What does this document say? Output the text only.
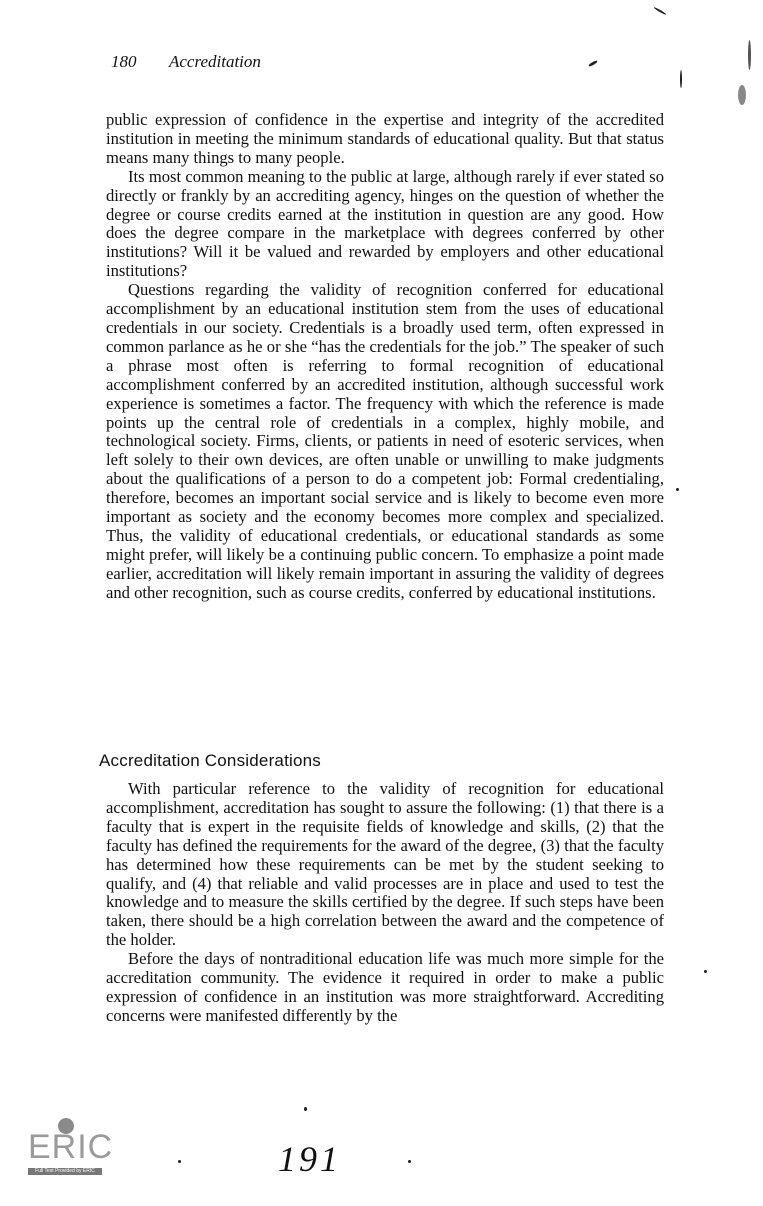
180 Accreditation

public expression of confidence in the expertise and integrity of the accredited institution in meeting the minimum standards of educational quality. But that status means many things to many people.

Its most common meaning to the public at large, although rarely if ever stated so directly or frankly by an accrediting agency, hinges on the question of whether the degree or course credits earned at the institution in question are any good. How does the degree compare in the marketplace with degrees conferred by other institutions? Will it be valued and rewarded by employers and other educational institutions?

Questions regarding the validity of recognition conferred for educational accomplishment by an educational institution stem from the uses of educational credentials in our society. Credentials is a broadly used term, often expressed in common parlance as he or she “has the credentials for the job.” The speaker of such a phrase most often is referring to formal recognition of educational accomplishment conferred by an accredited institution, although successful work experience is sometimes a factor. The frequency with which the reference is made points up the central role of credentials in a complex, highly mobile, and technological society. Firms, clients, or patients in need of esoteric services, when left solely to their own devices, are often unable or unwilling to make judgments about the qualifications of a person to do a competent job: Formal credentialing, therefore, becomes an important social service and is likely to become even more important as society and the economy becomes more complex and specialized. Thus, the validity of educational credentials, or educational standards as some might prefer, will likely be a continuing public concern. To emphasize a point made earlier, accreditation will likely remain important in assuring the validity of degrees and other recognition, such as course credits, conferred by educational institutions.

Accreditation Considerations

With particular reference to the validity of recognition for educational accomplishment, accreditation has sought to assure the following: (1) that there is a faculty that is expert in the requisite fields of knowledge and skills, (2) that the faculty has defined the requirements for the award of the degree, (3) that the faculty has determined how these requirements can be met by the student seeking to qualify, and (4) that reliable and valid processes are in place and used to test the knowledge and to measure the skills certified by the degree. If such steps have been taken, there should be a high correlation between the award and the competence of the holder.

Before the days of nontraditional education life was much more simple for the accreditation community. The evidence it required in order to make a public expression of confidence in an institution was more straightforward. Accrediting concerns were manifested differently by the

ERIC
Full Text Provided by ERIC	191
